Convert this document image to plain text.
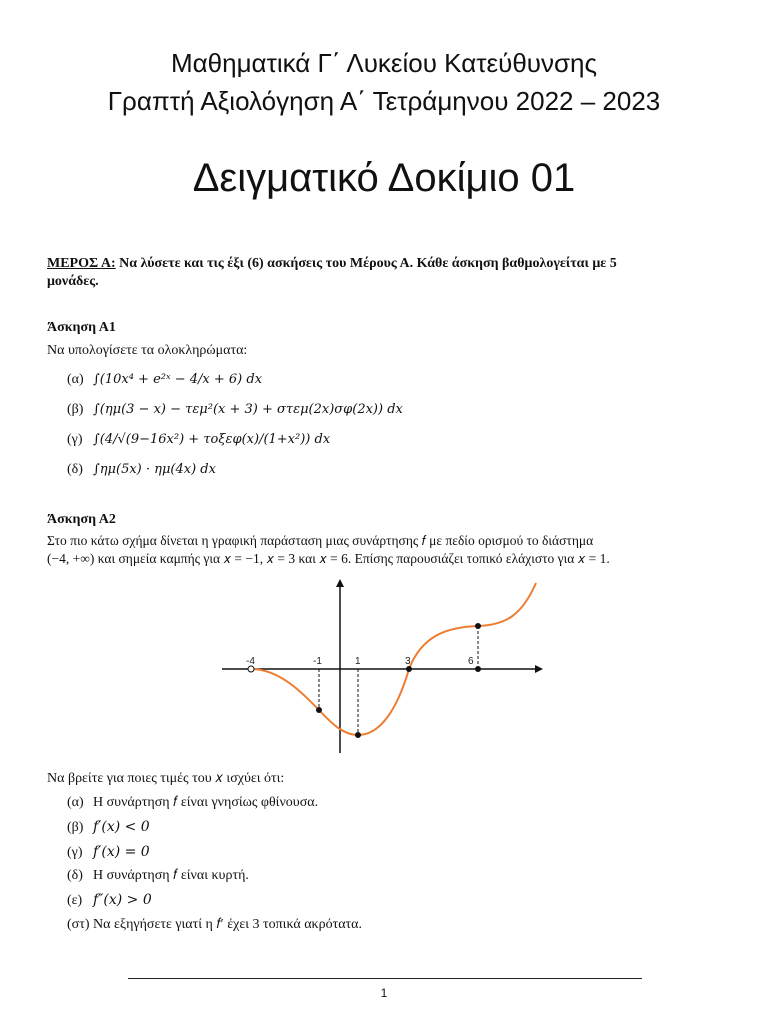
Μαθηματικά Γ΄ Λυκείου Κατεύθυνσης
Γραπτή Αξιολόγηση Α΄ Τετράμηνου 2022 – 2023
Δειγματικό Δοκίμιο 01
ΜΕΡΟΣ Α: Να λύσετε και τις έξι (6) ασκήσεις του Μέρους Α. Κάθε άσκηση βαθμολογείται με 5
μονάδες.
Άσκηση Α1
Να υπολογίσετε τα ολοκληρώματα:
(α) ∫(10x⁴ + e²ˣ − 4/x + 6) dx
(β) ∫(ημ(3 − x) − τεμ²(x + 3) + στεμ(2x)σφ(2x)) dx
(γ) ∫(4/√(9−16x²) + τοξεφ(x)/(1+x²)) dx
(δ) ∫ημ(5x) · ημ(4x) dx
Άσκηση Α2
Στο πιο κάτω σχήμα δίνεται η γραφική παράσταση μιας συνάρτησης 𝑓 με πεδίο ορισμού το διάστημα
(−4, +∞) και σημεία καμπής για 𝑥 = −1, 𝑥 = 3 και 𝑥 = 6. Επίσης παρουσιάζει τοπικό ελάχιστο για 𝑥 = 1.
-4	-1	1	3	6
Να βρείτε για ποιες τιμές του 𝑥 ισχύει ότι:
(α) Η συνάρτηση 𝑓 είναι γνησίως φθίνουσα.
(β) 𝑓′(𝑥) < 0
(γ) 𝑓′(𝑥) = 0
(δ) Η συνάρτηση 𝑓 είναι κυρτή.
(ε) 𝑓″(𝑥) > 0
(στ) Να εξηγήσετε γιατί η 𝑓′ έχει 3 τοπικά ακρότατα.
1
